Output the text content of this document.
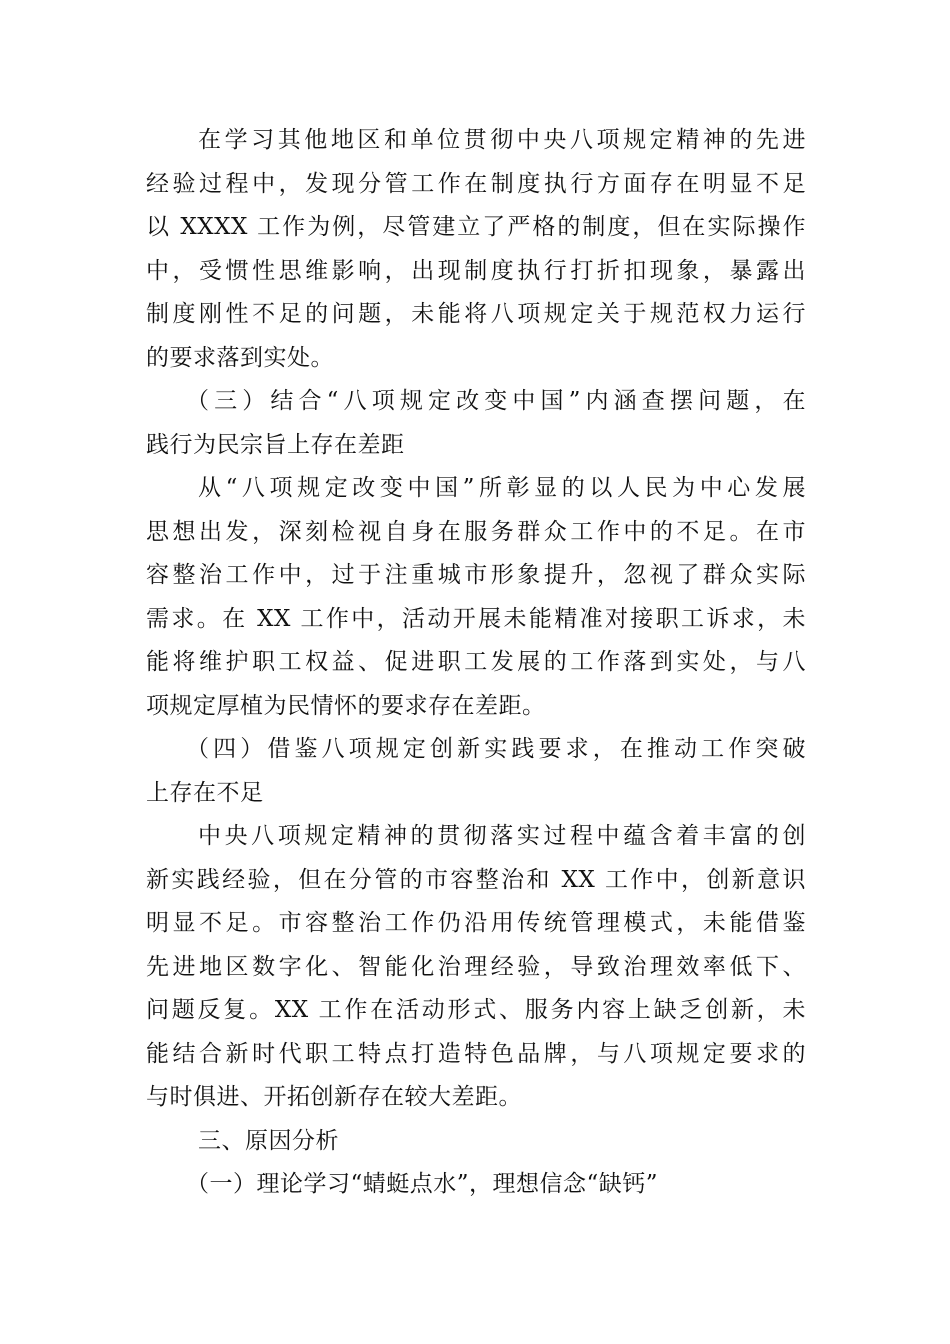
在学习其他地区和单位贯彻中央八项规定精神的先进
经验过程中，发现分管工作在制度执行方面存在明显不足
以 XXXX 工作为例，尽管建立了严格的制度，但在实际操作
中，受惯性思维影响，出现制度执行打折扣现象，暴露出
制度刚性不足的问题，未能将八项规定关于规范权力运行
的要求落到实处。
（三）结合“八项规定改变中国”内涵查摆问题，在
践行为民宗旨上存在差距
从“八项规定改变中国”所彰显的以人民为中心发展
思想出发，深刻检视自身在服务群众工作中的不足。在市
容整治工作中，过于注重城市形象提升，忽视了群众实际
需求。在 XX 工作中，活动开展未能精准对接职工诉求，未
能将维护职工权益、促进职工发展的工作落到实处，与八
项规定厚植为民情怀的要求存在差距。
（四）借鉴八项规定创新实践要求，在推动工作突破
上存在不足
中央八项规定精神的贯彻落实过程中蕴含着丰富的创
新实践经验，但在分管的市容整治和 XX 工作中，创新意识
明显不足。市容整治工作仍沿用传统管理模式，未能借鉴
先进地区数字化、智能化治理经验，导致治理效率低下、
问题反复。XX 工作在活动形式、服务内容上缺乏创新，未
能结合新时代职工特点打造特色品牌，与八项规定要求的
与时俱进、开拓创新存在较大差距。
三、原因分析
（一）理论学习“蜻蜓点水”，理想信念“缺钙”
